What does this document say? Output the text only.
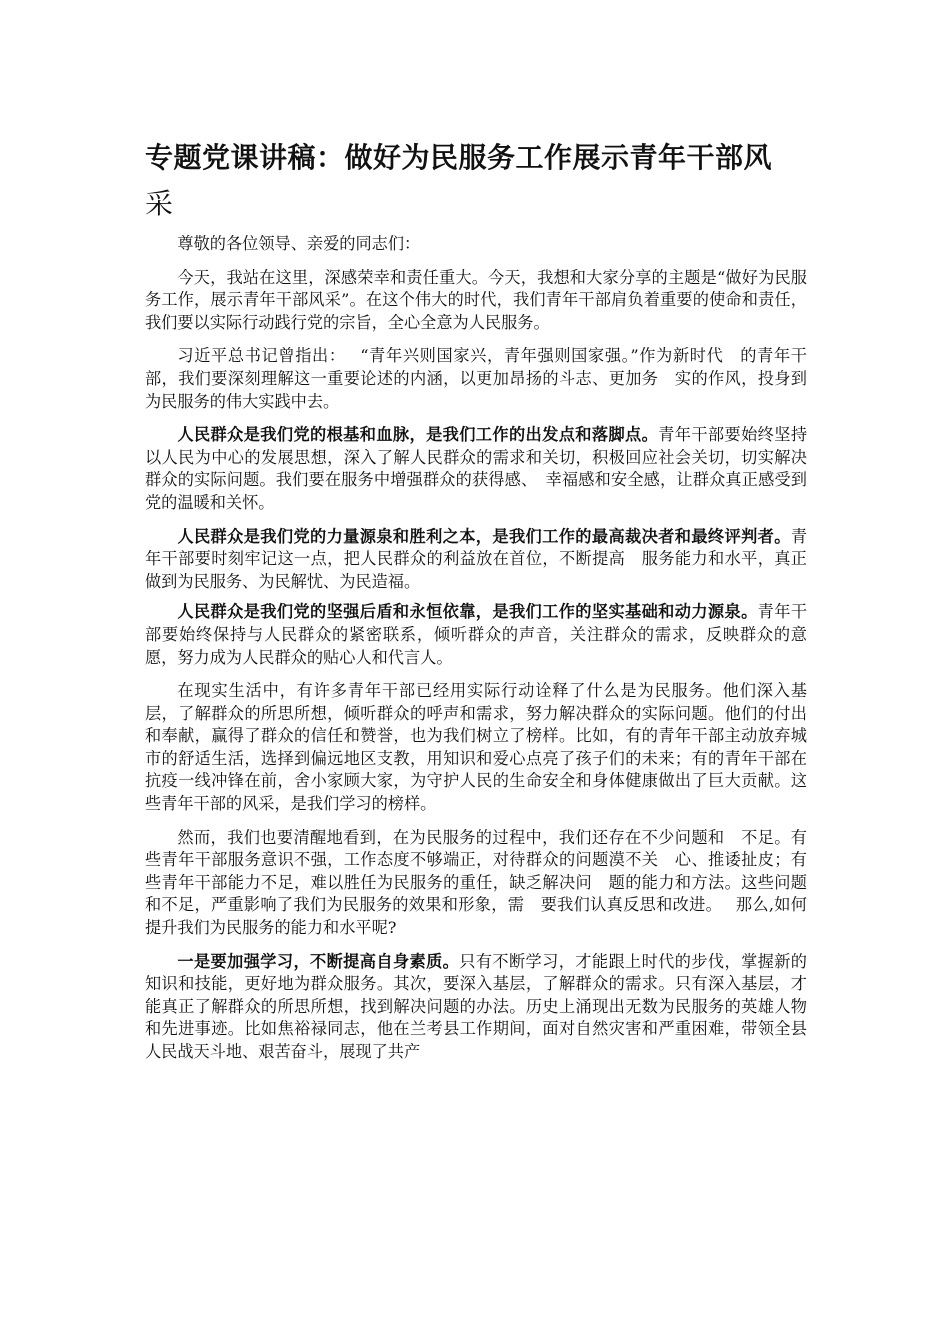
专题党课讲稿：做好为民服务工作展示青年干部风
采

尊敬的各位领导、亲爱的同志们：

今天，我站在这里，深感荣幸和责任重大。今天，我想和大家分享的主题是“做好为民服务工作，展示青年干部风采”。在这个伟大的时代，我们青年干部肩负着重要的使命和责任，我们要以实际行动践行党的宗旨，全心全意为人民服务。

习近平总书记曾指出：　 “青年兴则国家兴，青年强则国家强。”作为新时代　的青年干部，我们要深刻理解这一重要论述的内涵，以更加昂扬的斗志、更加务　实的作风，投身到为民服务的伟大实践中去。

人民群众是我们党的根基和血脉，是我们工作的出发点和落脚点。青年干部要始终坚持以人民为中心的发展思想，深入了解人民群众的需求和关切，积极回应社会关切，切实解决群众的实际问题。我们要在服务中增强群众的获得感、　幸福感和安全感，让群众真正感受到党的温暖和关怀。

人民群众是我们党的力量源泉和胜利之本，是我们工作的最高裁决者和最终评判者。青年干部要时刻牢记这一点，把人民群众的利益放在首位，不断提高　服务能力和水平，真正做到为民服务、为民解忧、为民造福。

人民群众是我们党的坚强后盾和永恒依靠，是我们工作的坚实基础和动力源泉。青年干部要始终保持与人民群众的紧密联系，倾听群众的声音，关注群众的需求，反映群众的意愿，努力成为人民群众的贴心人和代言人。

在现实生活中，有许多青年干部已经用实际行动诠释了什么是为民服务。他们深入基层，了解群众的所思所想，倾听群众的呼声和需求，努力解决群众的实际问题。他们的付出和奉献，赢得了群众的信任和赞誉，也为我们树立了榜样。比如，有的青年干部主动放弃城市的舒适生活，选择到偏远地区支教，用知识和爱心点亮了孩子们的未来；有的青年干部在抗疫一线冲锋在前，舍小家顾大家，为守护人民的生命安全和身体健康做出了巨大贡献。这些青年干部的风采，是我们学习的榜样。

然而，我们也要清醒地看到，在为民服务的过程中，我们还存在不少问题和　不足。有些青年干部服务意识不强，工作态度不够端正，对待群众的问题漠不关　心、推诿扯皮；有些青年干部能力不足，难以胜任为民服务的重任，缺乏解决问　题的能力和方法。这些问题和不足，严重影响了我们为民服务的效果和形象，需　要我们认真反思和改进。　 那么,如何提升我们为民服务的能力和水平呢?

一是要加强学习，不断提高自身素质。只有不断学习，才能跟上时代的步伐，掌握新的知识和技能，更好地为群众服务。其次，要深入基层，了解群众的需求。只有深入基层，才能真正了解群众的所思所想，找到解决问题的办法。历史上涌现出无数为民服务的英雄人物和先进事迹。比如焦裕禄同志，他在兰考县工作期间，面对自然灾害和严重困难，带领全县人民战天斗地、艰苦奋斗，展现了共产
